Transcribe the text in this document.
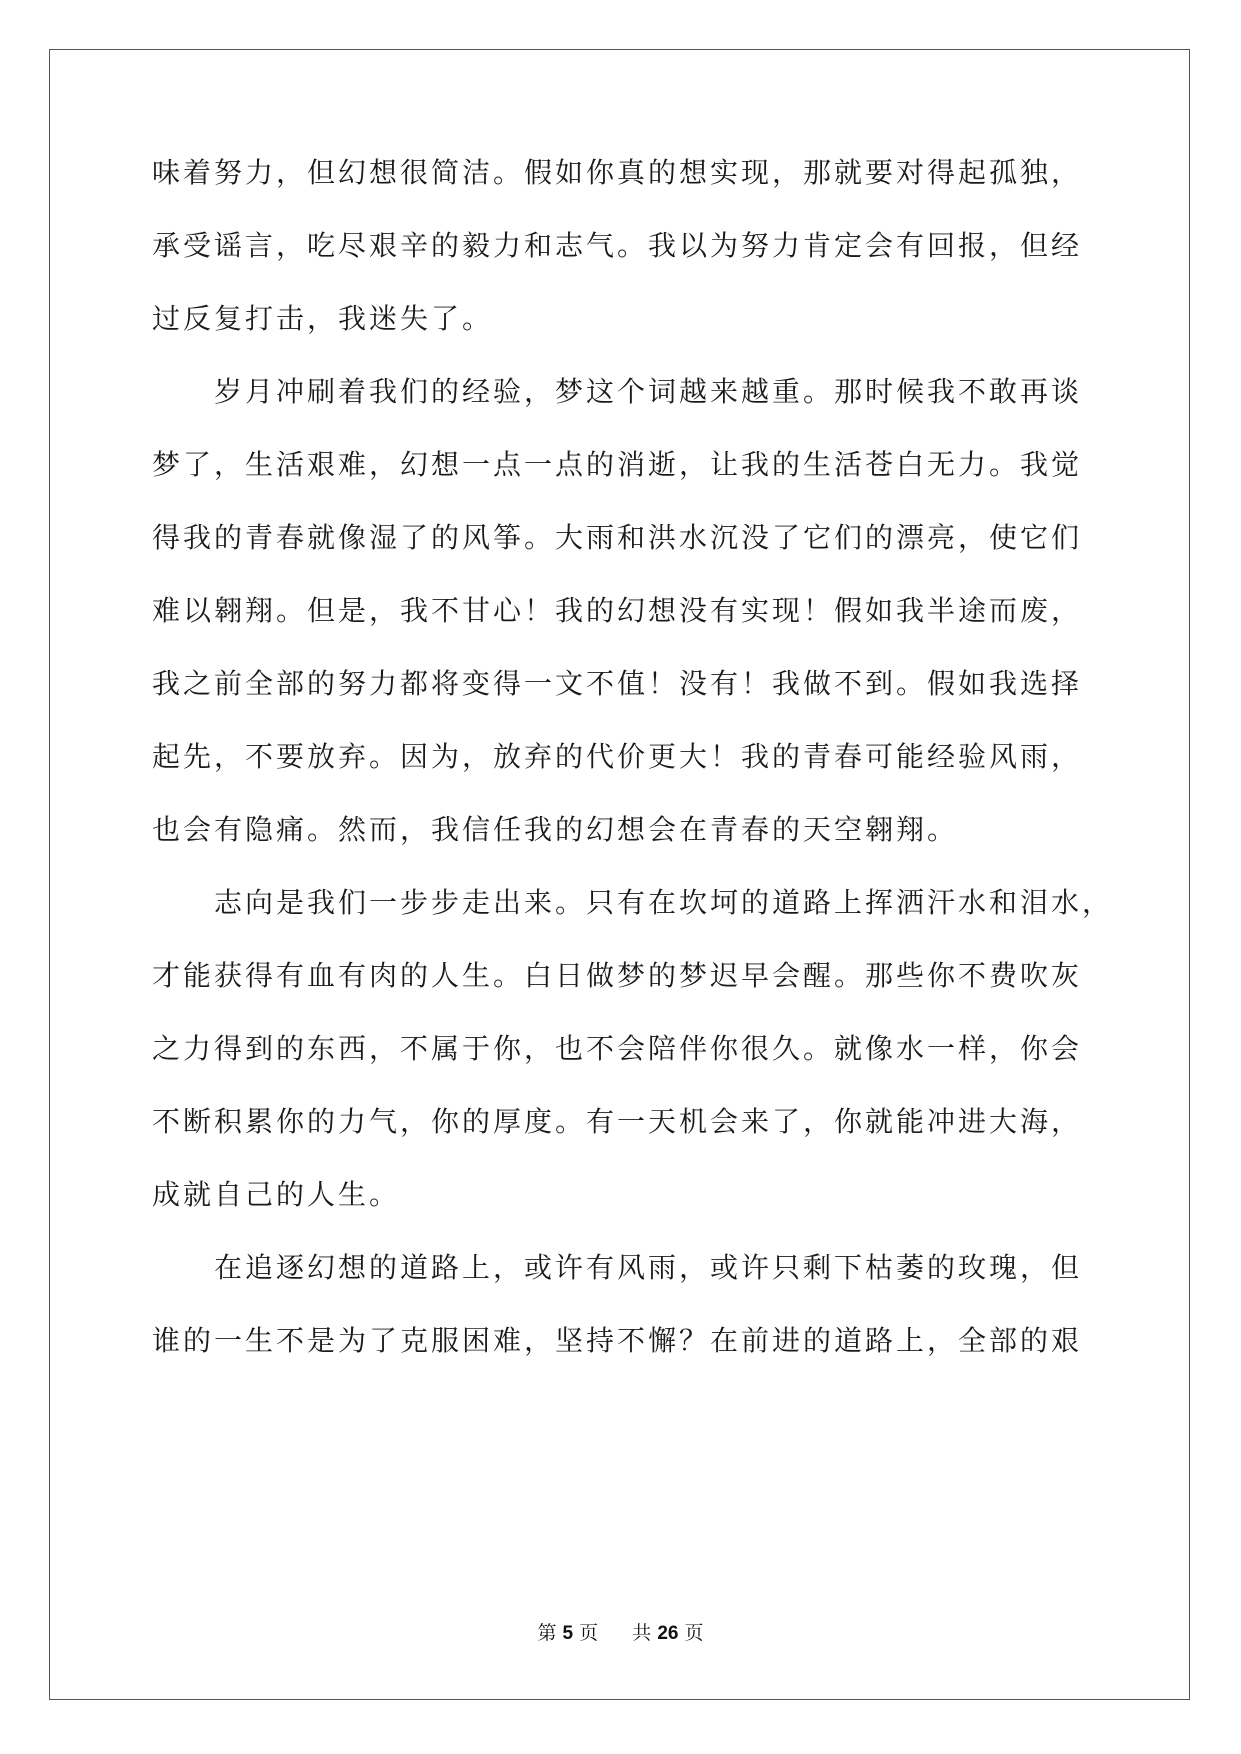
味着努力，但幻想很简洁。假如你真的想实现，那就要对得起孤独，
承受谣言，吃尽艰辛的毅力和志气。我以为努力肯定会有回报，但经
过反复打击，我迷失了。
　　岁月冲刷着我们的经验，梦这个词越来越重。那时候我不敢再谈
梦了，生活艰难，幻想一点一点的消逝，让我的生活苍白无力。我觉
得我的青春就像湿了的风筝。大雨和洪水沉没了它们的漂亮，使它们
难以翱翔。但是，我不甘心！我的幻想没有实现！假如我半途而废，
我之前全部的努力都将变得一文不值！没有！我做不到。假如我选择
起先，不要放弃。因为，放弃的代价更大！我的青春可能经验风雨，
也会有隐痛。然而，我信任我的幻想会在青春的天空翱翔。
　　志向是我们一步步走出来。只有在坎坷的道路上挥洒汗水和泪水，
才能获得有血有肉的人生。白日做梦的梦迟早会醒。那些你不费吹灰
之力得到的东西，不属于你，也不会陪伴你很久。就像水一样，你会
不断积累你的力气，你的厚度。有一天机会来了，你就能冲进大海，
成就自己的人生。
　　在追逐幻想的道路上，或许有风雨，或许只剩下枯萎的玫瑰，但
谁的一生不是为了克服困难，坚持不懈？在前进的道路上，全部的艰
第 5 页 共 26 页
